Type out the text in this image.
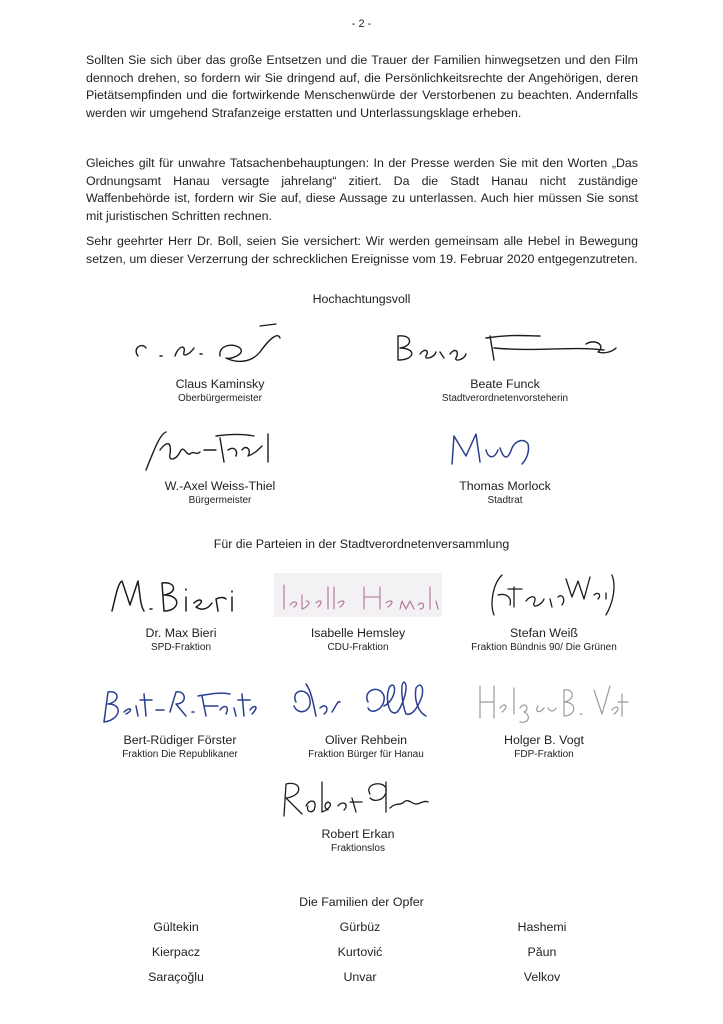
- 2 -

Sollten Sie sich über das große Entsetzen und die Trauer der Familien hinwegsetzen und den Film dennoch drehen, so fordern wir Sie dringend auf, die Persönlichkeitsrechte der Angehörigen, deren Pietätsempfinden und die fortwirkende Menschenwürde der Verstorbenen zu beachten. Andernfalls werden wir umgehend Strafanzeige erstatten und Unterlassungsklage erheben.

Gleiches gilt für unwahre Tatsachenbehauptungen: In der Presse werden Sie mit den Worten „Das Ordnungsamt Hanau versagte jahrelang“ zitiert. Da die Stadt Hanau nicht zuständige Waffenbehörde ist, fordern wir Sie auf, diese Aussage zu unterlassen. Auch hier müssen Sie sonst mit juristischen Schritten rechnen.

Sehr geehrter Herr Dr. Boll, seien Sie versichert: Wir werden gemeinsam alle Hebel in Bewegung setzen, um dieser Verzerrung der schrecklichen Ereignisse vom 19. Februar 2020 entgegenzutreten.

Hochachtungsvoll
Claus Kaminsky
Oberbürgermeister
Beate Funck
Stadtverordnetenvorsteherin
W.-Axel Weiss-Thiel
Bürgermeister
Thomas Morlock
Stadtrat
Für die Parteien in der Stadtverordnetenversammlung
Dr. Max Bieri
SPD-Fraktion
Isabelle Hemsley
CDU-Fraktion
Stefan Weiß
Fraktion Bündnis 90/ Die Grünen
Bert-Rüdiger Förster
Fraktion Die Republikaner
Oliver Rehbein
Fraktion Bürger für Hanau
Holger B. Vogt
FDP-Fraktion
Robert Erkan
Fraktionslos
Die Familien der Opfer
Gültekin	Gürbüz	Hashemi
Kierpacz	Kurtović	Păun
Saraçoğlu	Unvar	Velkov
